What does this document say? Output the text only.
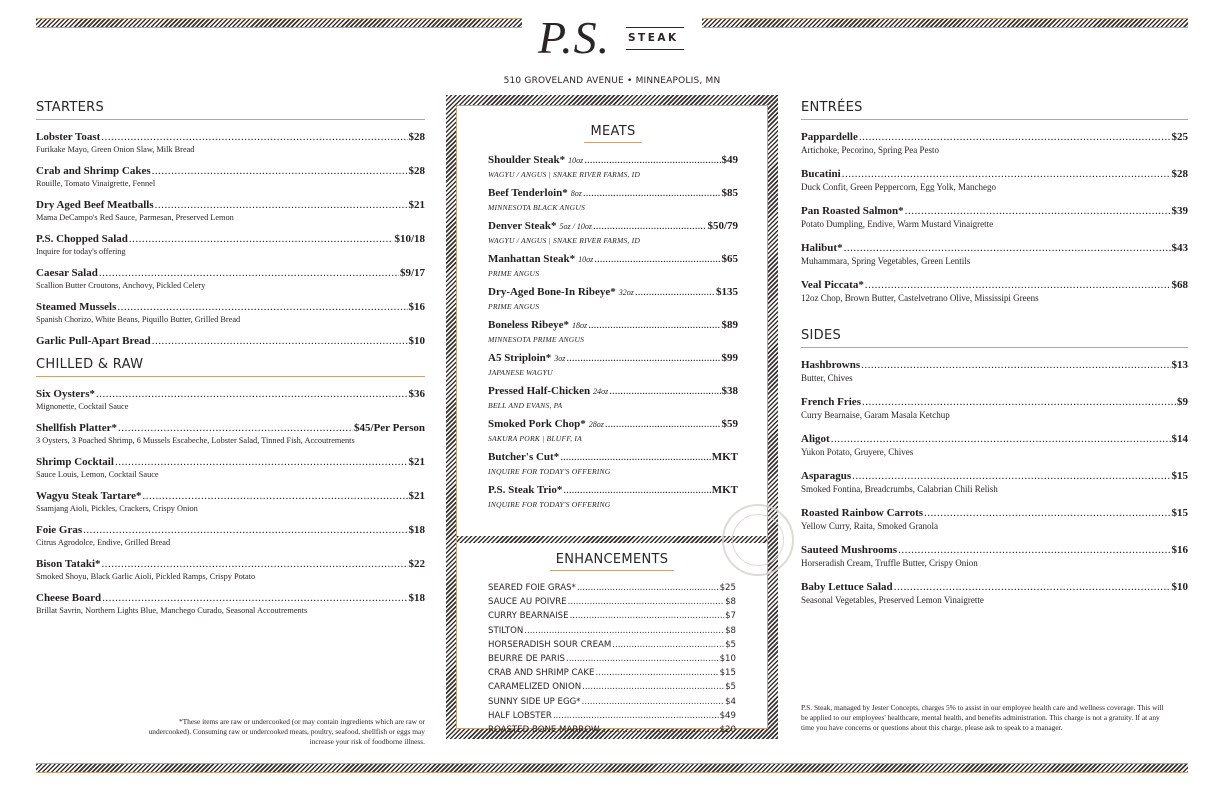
P.S. STEAK
510 GROVELAND AVENUE • MINNEAPOLIS, MN
STARTERS
Lobster Toast .....	$28
Furikake Mayo, Green Onion Slaw, Milk Bread
Crab and Shrimp Cakes .....	$28
Rouille, Tomato Vinaigrette, Fennel
Dry Aged Beef Meatballs .....	$21
Mama DeCampo's Red Sauce, Parmesan, Preserved Lemon
P.S. Chopped Salad .....	$10/18
Inquire for today's offering
Caesar Salad .....	$9/17
Scallion Butter Croutons, Anchovy, Pickled Celery
Steamed Mussels .....	$16
Spanish Chorizo, White Beans, Piquillo Butter, Grilled Bread
Garlic Pull-Apart Bread .....	$10
CHILLED & RAW
Six Oysters* .....	$36
Mignonette, Cocktail Sauce
Shellfish Platter* .....	$45/Per Person
3 Oysters, 3 Poached Shrimp, 6 Mussels Escabeche, Lobster Salad, Tinned Fish, Accoutrements
Shrimp Cocktail .....	$21
Sauce Louis, Lemon, Cocktail Sauce
Wagyu Steak Tartare* .....	$21
Ssamjang Aioli, Pickles, Crackers, Crispy Onion
Foie Gras .....	$18
Citrus Agrodolce, Endive, Grilled Bread
Bison Tataki* .....	$22
Smoked Shoyu, Black Garlic Aioli, Pickled Ramps, Crispy Potato
Cheese Board .....	$18
Brillat Savrin, Northern Lights Blue, Manchego Curado, Seasonal Accoutrements
*These items are raw or undercooked (or may contain ingredients which are raw or undercooked). Consuming raw or undercooked meats, poultry, seafood, shellfish or eggs may increase your risk of foodborne illness.
MEATS
Shoulder Steak* 10oz .....	$49
WAGYU / ANGUS | SNAKE RIVER FARMS, ID
Beef Tenderloin* 8oz .....	$85
MINNESOTA BLACK ANGUS
Denver Steak* 5oz / 10oz .....	$50/79
WAGYU / ANGUS | SNAKE RIVER FARMS, ID
Manhattan Steak* 10oz .....	$65
PRIME ANGUS
Dry-Aged Bone-In Ribeye* 32oz .....	$135
PRIME ANGUS
Boneless Ribeye* 18oz .....	$89
MINNESOTA PRIME ANGUS
A5 Striploin* 3oz .....	$99
JAPANESE WAGYU
Pressed Half-Chicken 24oz .....	$38
BELL AND EVANS, PA
Smoked Pork Chop* 28oz .....	$59
SAKURA PORK | BLUFF, IA
Butcher's Cut* .....	MKT
INQUIRE FOR TODAY'S OFFERING
P.S. Steak Trio* .....	MKT
INQUIRE FOR TODAY'S OFFERING
ENHANCEMENTS
SEARED FOIE GRAS* .....	$25
SAUCE AU POIVRE .....	$8
CURRY BEARNAISE .....	$7
STILTON .....	$8
HORSERADISH SOUR CREAM .....	$5
BEURRE DE PARIS .....	$10
CRAB AND SHRIMP CAKE .....	$15
CARAMELIZED ONION .....	$5
SUNNY SIDE UP EGG* .....	$4
HALF LOBSTER .....	$49
ROASTED BONE MARROW .....	$20
ENTRÉES
Pappardelle .....	$25
Artichoke, Pecorino, Spring Pea Pesto
Bucatini .....	$28
Duck Confit, Green Peppercorn, Egg Yolk, Manchego
Pan Roasted Salmon* .....	$39
Potato Dumpling, Endive, Warm Mustard Vinaigrette
Halibut* .....	$43
Muhammara, Spring Vegetables, Green Lentils
Veal Piccata* .....	$68
12oz Chop, Brown Butter, Castelvetrano Olive, Mississipi Greens
SIDES
Hashbrowns .....	$13
Butter, Chives
French Fries .....	$9
Curry Bearnaise, Garam Masala Ketchup
Aligot .....	$14
Yukon Potato, Gruyere, Chives
Asparagus .....	$15
Smoked Fontina, Breadcrumbs, Calabrian Chili Relish
Roasted Rainbow Carrots .....	$15
Yellow Curry, Raita, Smoked Granola
Sauteed Mushrooms .....	$16
Horseradish Cream, Truffle Butter, Crispy Onion
Baby Lettuce Salad .....	$10
Seasonal Vegetables, Preserved Lemon Vinaigrette
P.S. Steak, managed by Jester Concepts, charges 5% to assist in our employee health care and wellness coverage. This will be applied to our employees' healthcare, mental health, and benefits administration. This charge is not a gratuity. If at any time you have concerns or questions about this charge, please ask to speak to a manager.
